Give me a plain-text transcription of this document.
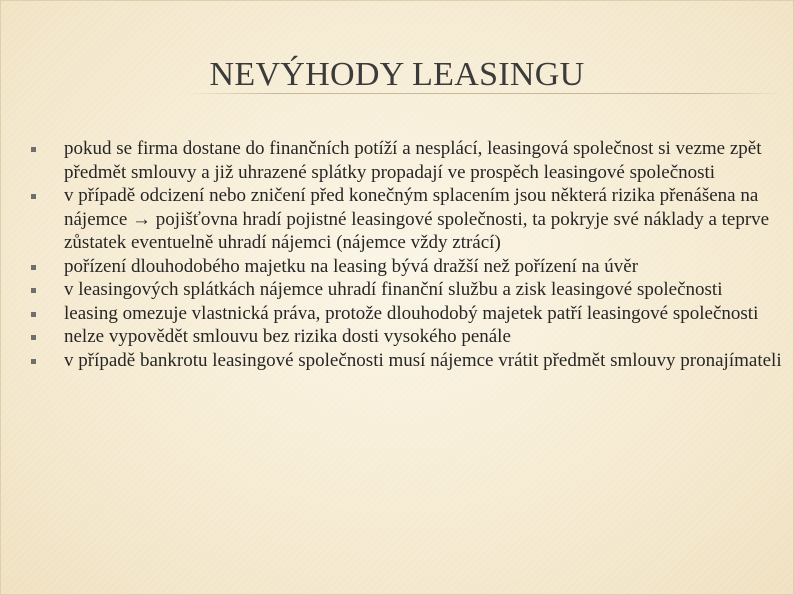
NEVÝHODY LEASINGU
pokud se firma dostane do finančních potíží a nesplácí, leasingová společnost si vezme zpět předmět smlouvy a již uhrazené splátky propadají ve prospěch leasingové společnosti
v případě odcizení nebo zničení před konečným splacením jsou některá rizika přenášena na nájemce → pojišťovna hradí pojistné leasingové společnosti, ta pokryje své náklady a teprve zůstatek eventuelně uhradí nájemci (nájemce vždy ztrácí)
pořízení dlouhodobého majetku na leasing bývá dražší než pořízení na úvěr
v leasingových splátkách nájemce uhradí finanční službu a zisk leasingové společnosti
leasing omezuje vlastnická práva, protože dlouhodobý majetek patří leasingové společnosti
nelze vypovědět smlouvu bez rizika dosti vysokého penále
v případě bankrotu leasingové společnosti musí nájemce vrátit předmět smlouvy pronajímateli
